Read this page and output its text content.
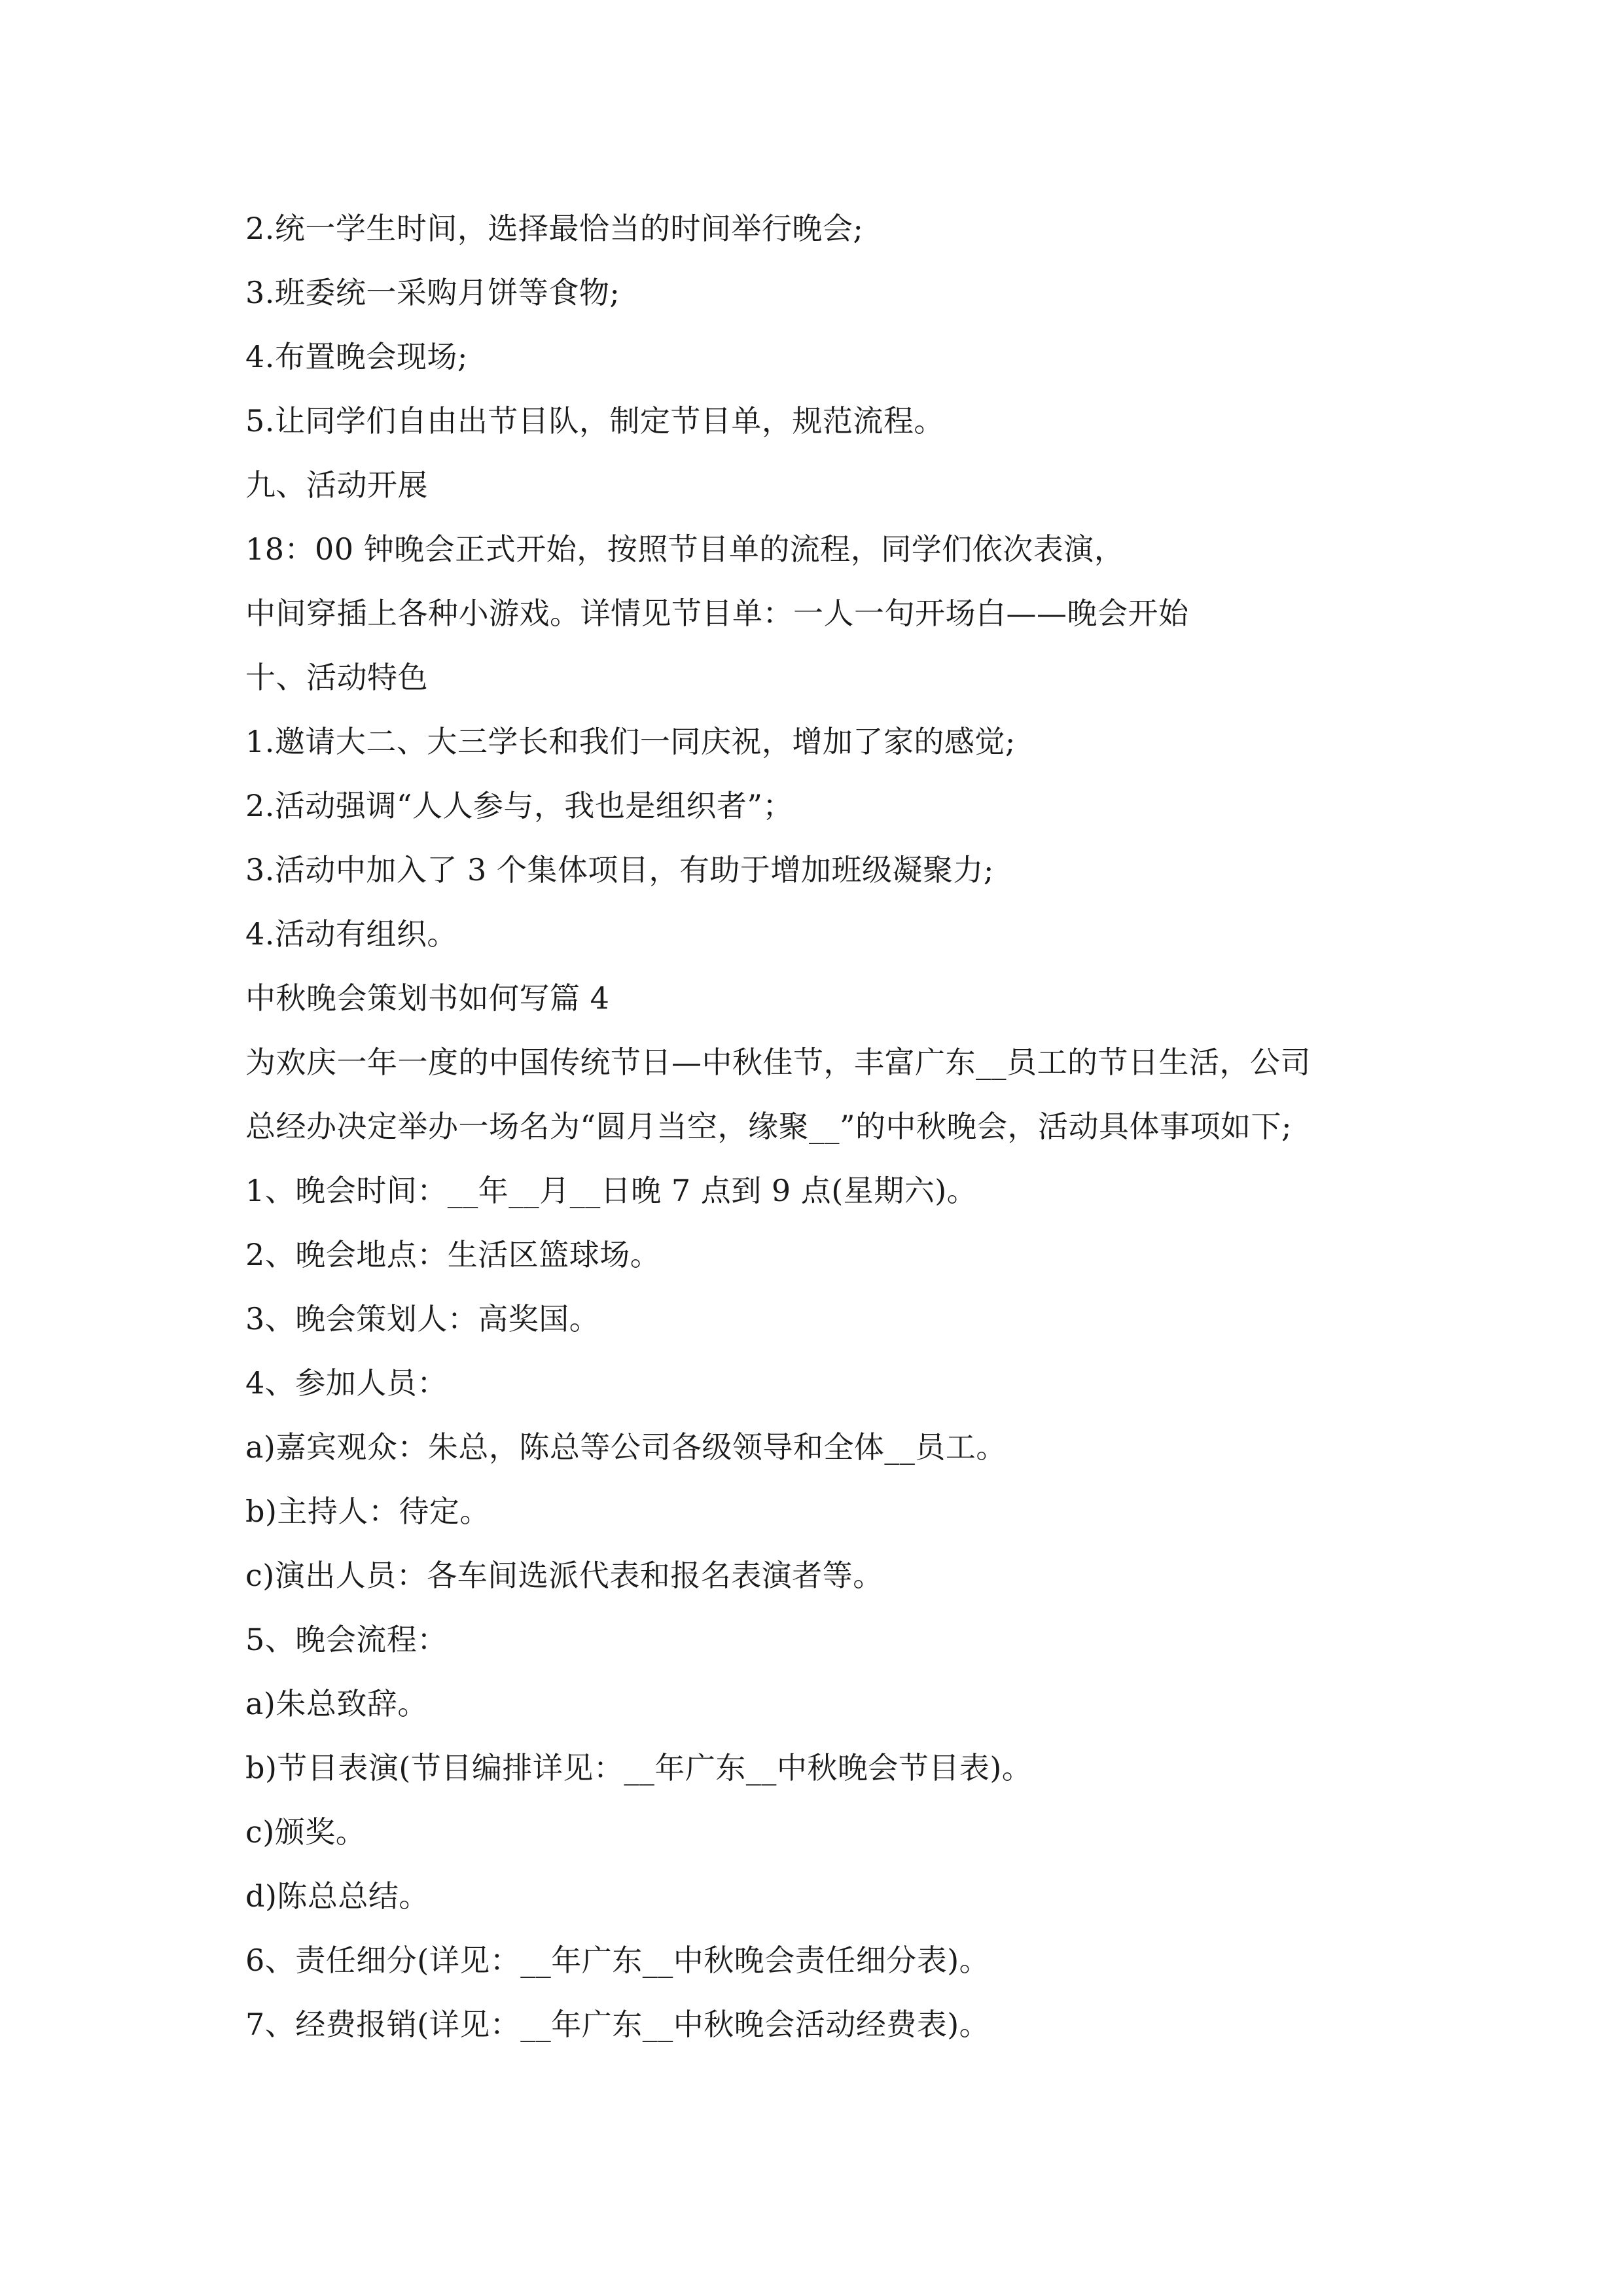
2.统一学生时间，选择最恰当的时间举行晚会;
3.班委统一采购月饼等食物;
4.布置晚会现场;
5.让同学们自由出节目队，制定节目单，规范流程。
九、活动开展
18：00 钟晚会正式开始，按照节目单的流程，同学们依次表演，
中间穿插上各种小游戏。详情见节目单：一人一句开场白——晚会开始
十、活动特色
1.邀请大二、大三学长和我们一同庆祝，增加了家的感觉;
2.活动强调“人人参与，我也是组织者”；
3.活动中加入了 3 个集体项目，有助于增加班级凝聚力;
4.活动有组织。
中秋晚会策划书如何写篇 4
为欢庆一年一度的中国传统节日—中秋佳节，丰富广东__员工的节日生活，公司
总经办决定举办一场名为“圆月当空，缘聚__”的中秋晚会，活动具体事项如下;
1、晚会时间：__年__月__日晚 7 点到 9 点(星期六)。
2、晚会地点：生活区篮球场。
3、晚会策划人：高奖国。
4、参加人员：
a)嘉宾观众：朱总，陈总等公司各级领导和全体__员工。
b)主持人：待定。
c)演出人员：各车间选派代表和报名表演者等。
5、晚会流程：
a)朱总致辞。
b)节目表演(节目编排详见：__年广东__中秋晚会节目表)。
c)颁奖。
d)陈总总结。
6、责任细分(详见：__年广东__中秋晚会责任细分表)。
7、经费报销(详见：__年广东__中秋晚会活动经费表)。
